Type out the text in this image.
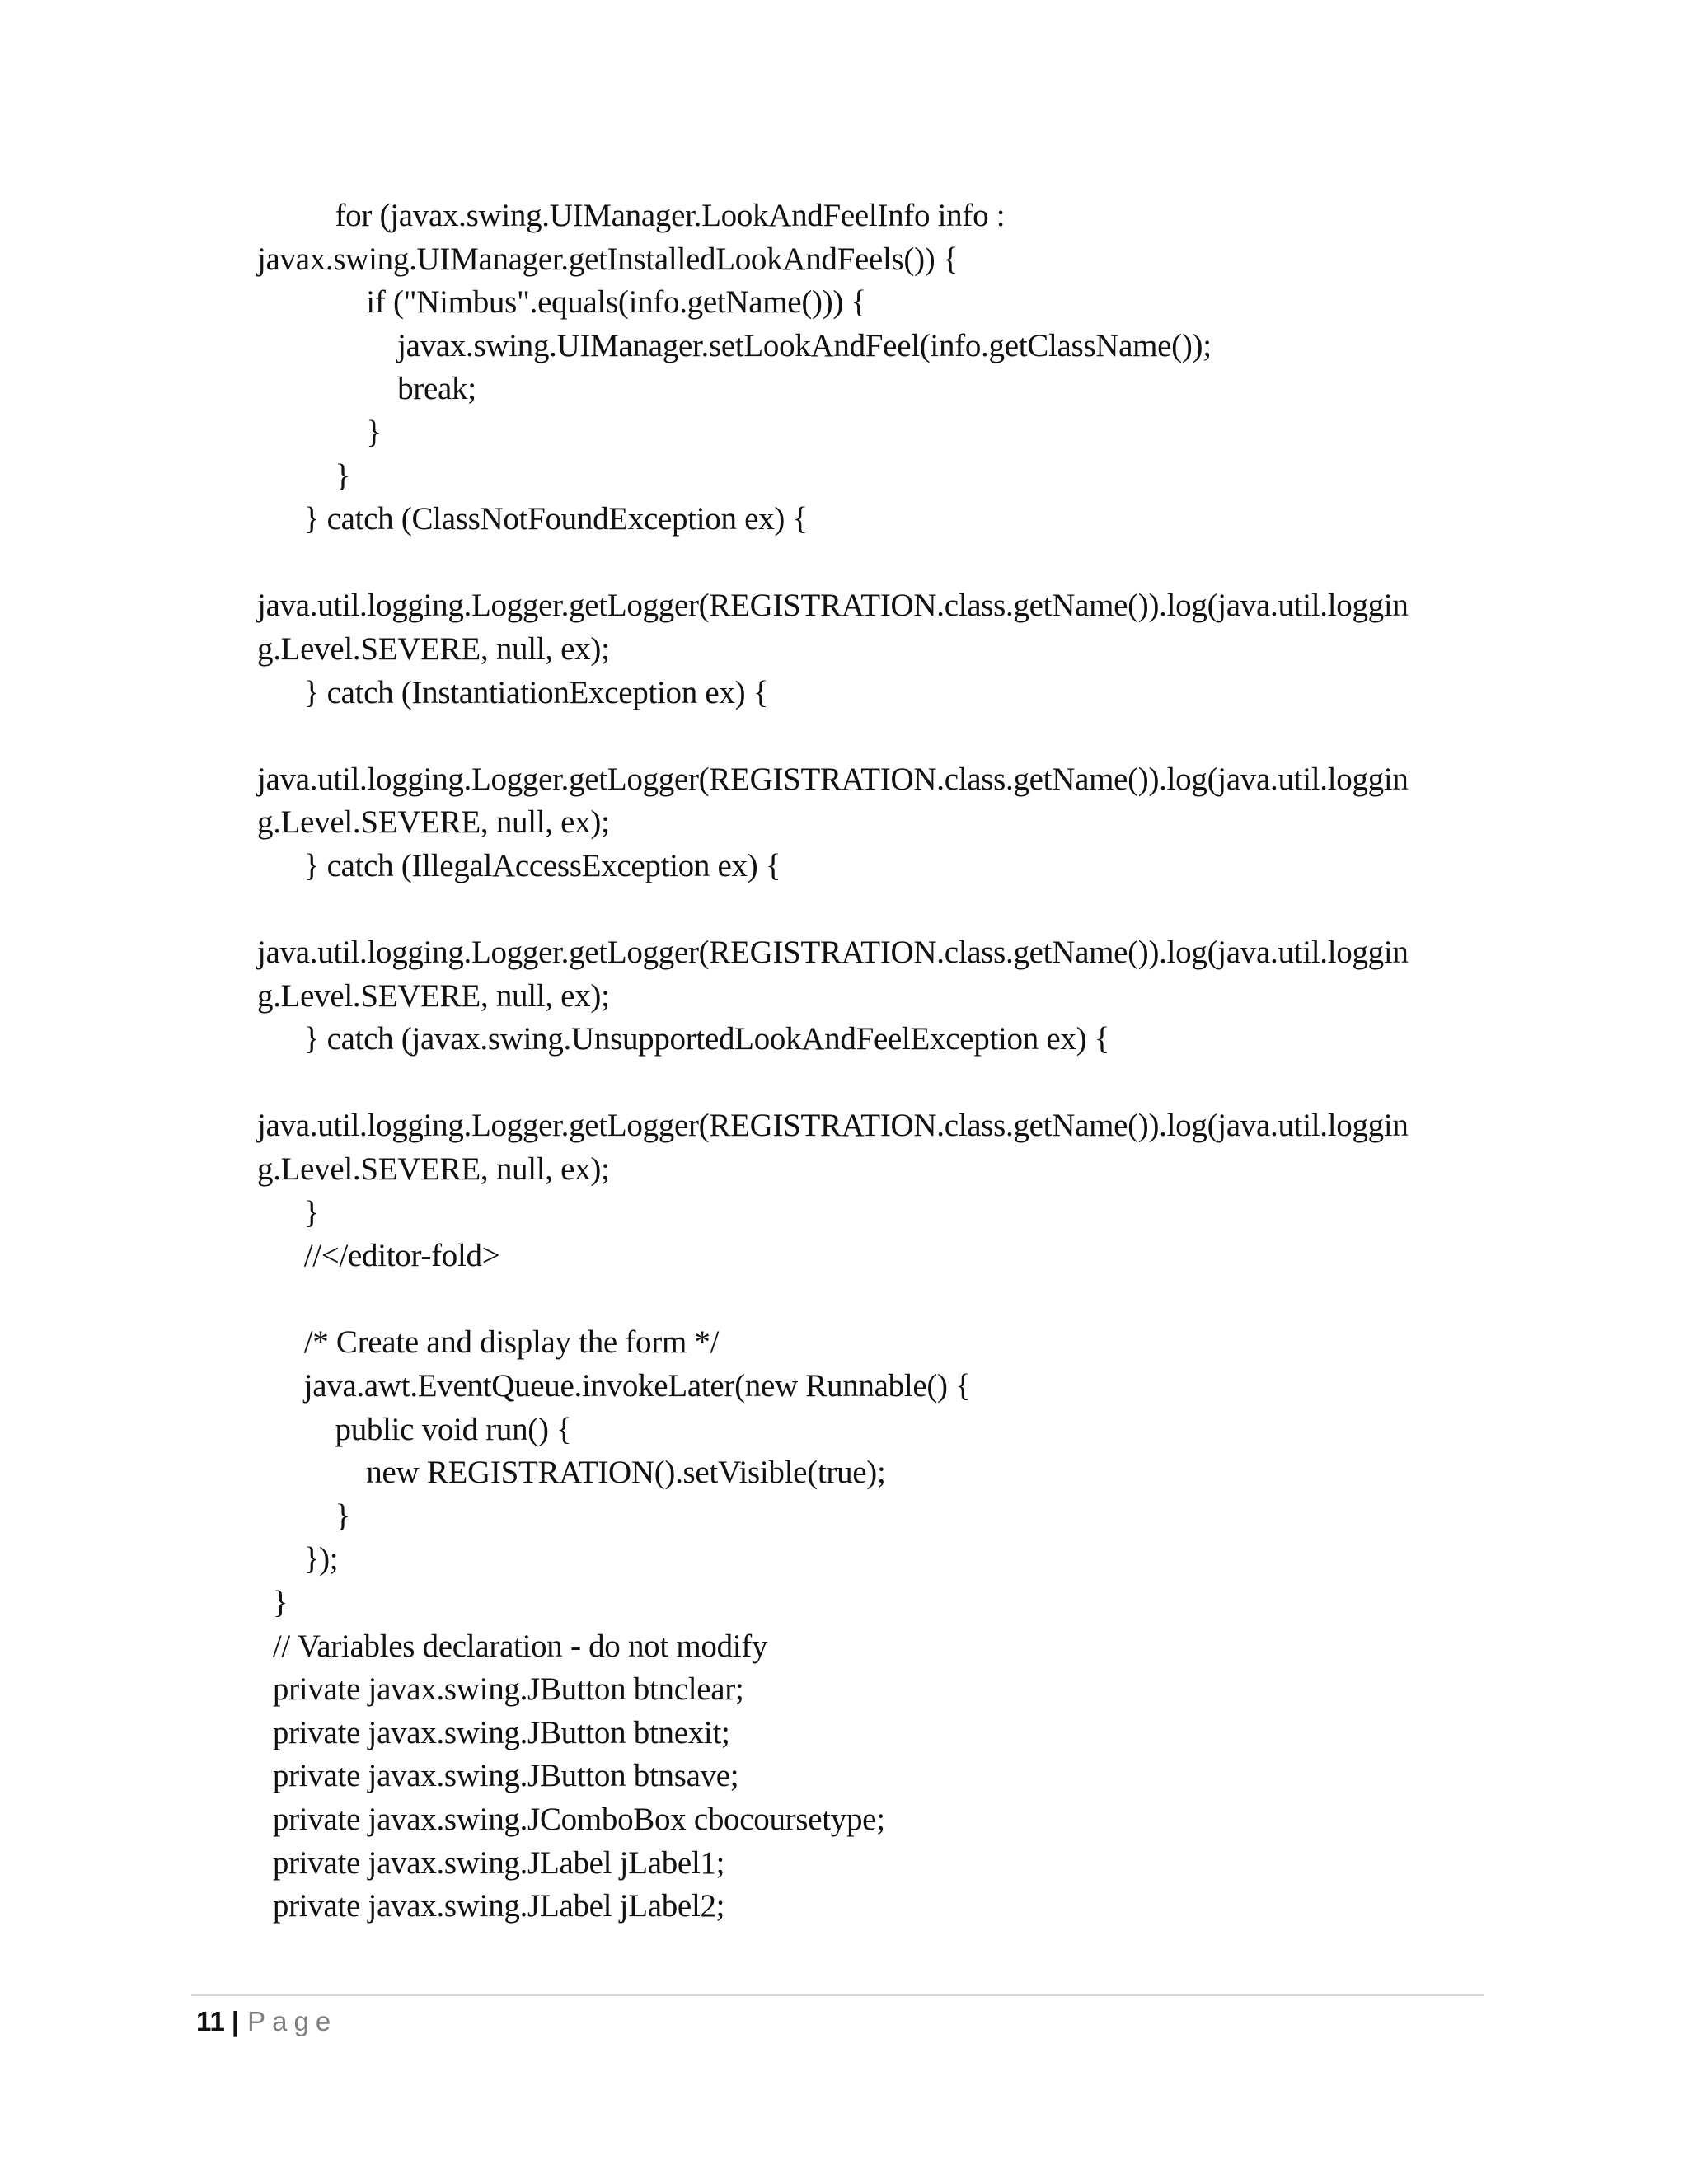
for (javax.swing.UIManager.LookAndFeelInfo info :
javax.swing.UIManager.getInstalledLookAndFeels()) {
if ("Nimbus".equals(info.getName())) {
javax.swing.UIManager.setLookAndFeel(info.getClassName());
break;
}
}
} catch (ClassNotFoundException ex) {
java.util.logging.Logger.getLogger(REGISTRATION.class.getName()).log(java.util.loggin
g.Level.SEVERE, null, ex);
} catch (InstantiationException ex) {
java.util.logging.Logger.getLogger(REGISTRATION.class.getName()).log(java.util.loggin
g.Level.SEVERE, null, ex);
} catch (IllegalAccessException ex) {
java.util.logging.Logger.getLogger(REGISTRATION.class.getName()).log(java.util.loggin
g.Level.SEVERE, null, ex);
} catch (javax.swing.UnsupportedLookAndFeelException ex) {
java.util.logging.Logger.getLogger(REGISTRATION.class.getName()).log(java.util.loggin
g.Level.SEVERE, null, ex);
}
//</editor-fold>
/* Create and display the form */
java.awt.EventQueue.invokeLater(new Runnable() {
public void run() {
new REGISTRATION().setVisible(true);
}
});
}
// Variables declaration - do not modify
private javax.swing.JButton btnclear;
private javax.swing.JButton btnexit;
private javax.swing.JButton btnsave;
private javax.swing.JComboBox cbocoursetype;
private javax.swing.JLabel jLabel1;
private javax.swing.JLabel jLabel2;
11 | Page
